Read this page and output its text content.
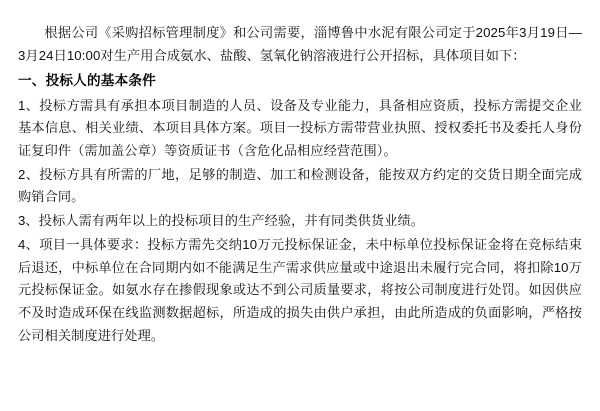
根据公司《采购招标管理制度》和公司需要，淄博鲁中水泥有限公司定于2025年3月19日—3月24日10:00对生产用合成氨水、盐酸、氢氧化钠溶液进行公开招标，具体项目如下：

一、投标人的基本条件

1、投标方需具有承担本项目制造的人员、设备及专业能力，具备相应资质，投标方需提交企业基本信息、相关业绩、本项目具体方案。项目一投标方需带营业执照、授权委托书及委托人身份证复印件（需加盖公章）等资质证书（含危化品相应经营范围）。

2、投标方具有所需的厂地，足够的制造、加工和检测设备，能按双方约定的交货日期全面完成购销合同。

3、投标人需有两年以上的投标项目的生产经验，并有同类供货业绩。

4、项目一具体要求：投标方需先交纳10万元投标保证金，未中标单位投标保证金将在竞标结束后退还，中标单位在合同期内如不能满足生产需求供应量或中途退出未履行完合同，将扣除10万元投标保证金。如氨水存在掺假现象或达不到公司质量要求，将按公司制度进行处罚。如因供应不及时造成环保在线监测数据超标，所造成的损失由供户承担，由此所造成的负面影响，严格按公司相关制度进行处理。
